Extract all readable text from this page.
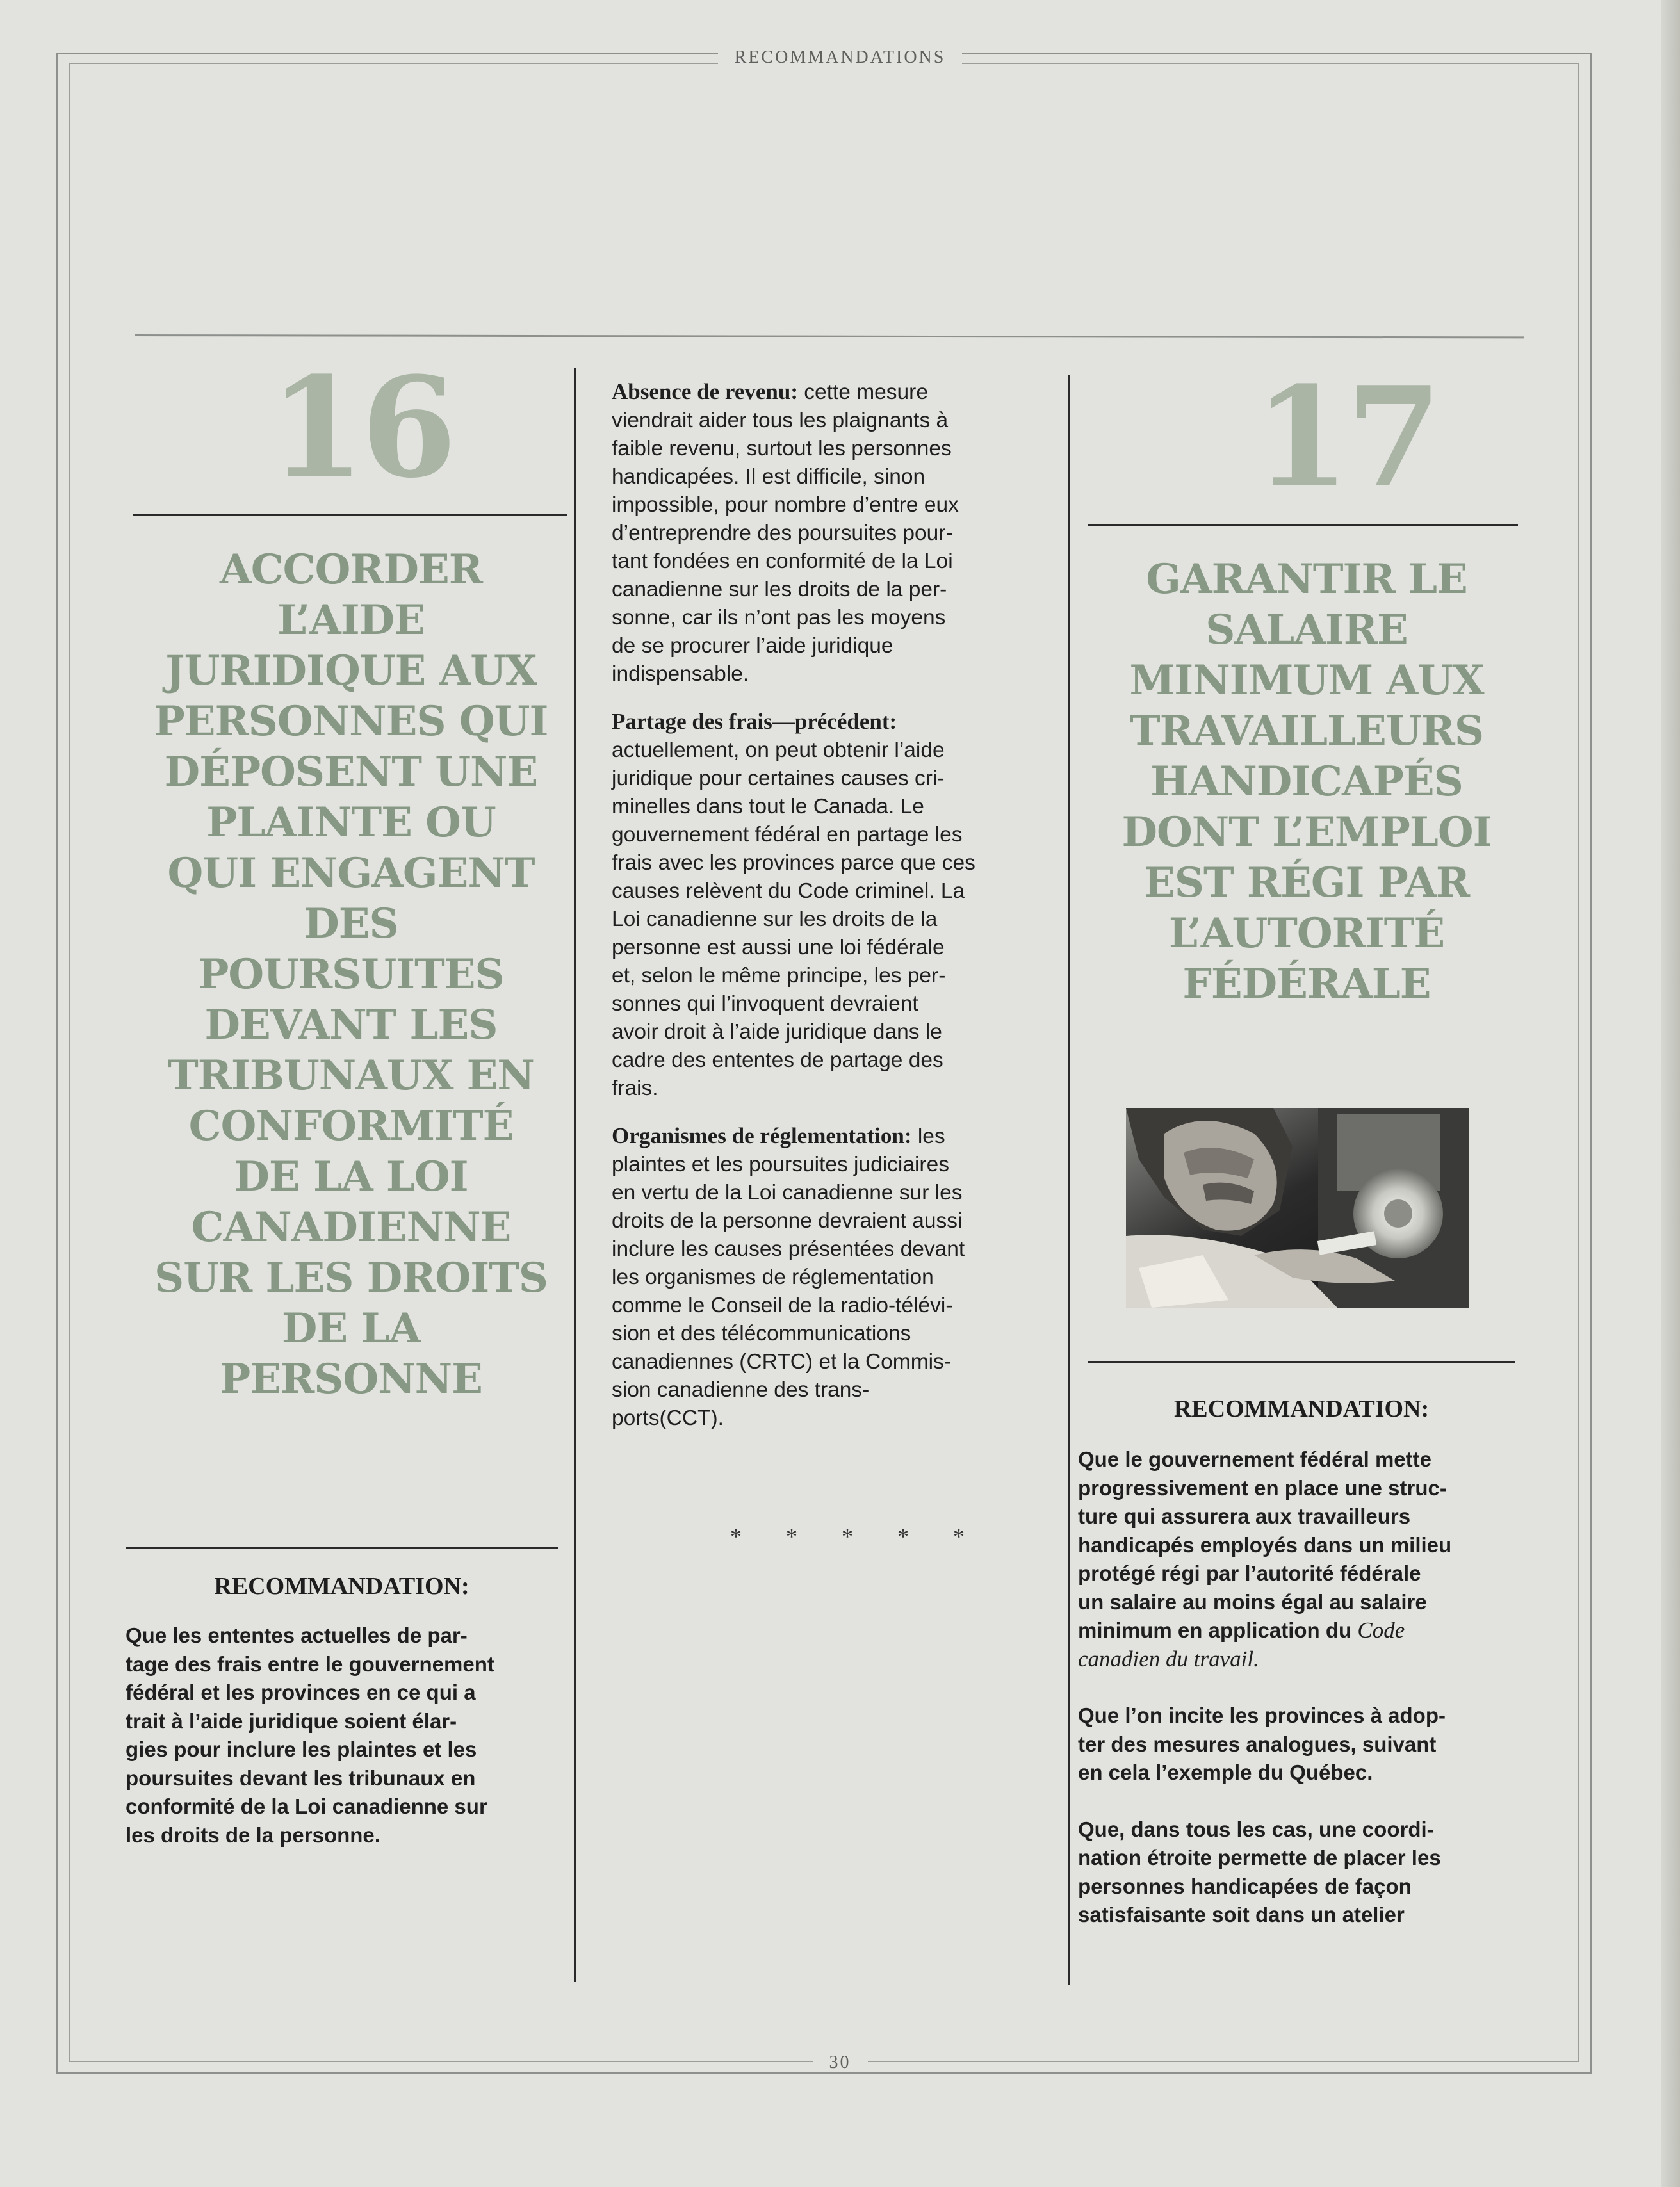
RECOMMANDATIONS
30
16
ACCORDER
L’AIDE
JURIDIQUE AUX
PERSONNES QUI
DÉPOSENT UNE
PLAINTE OU
QUI ENGAGENT
DES
POURSUITES
DEVANT LES
TRIBUNAUX EN
CONFORMITÉ
DE LA LOI
CANADIENNE
SUR LES DROITS
DE LA
PERSONNE
RECOMMANDATION:
Que les ententes actuelles de par-
tage des frais entre le gouvernement
fédéral et les provinces en ce qui a
trait à l’aide juridique soient élar-
gies pour inclure les plaintes et les
poursuites devant les tribunaux en
conformité de la Loi canadienne sur
les droits de la personne.
Absence de revenu: cette mesure
viendrait aider tous les plaignants à
faible revenu, surtout les personnes
handicapées. Il est difficile, sinon
impossible, pour nombre d’entre eux
d’entreprendre des poursuites pour-
tant fondées en conformité de la Loi
canadienne sur les droits de la per-
sonne, car ils n’ont pas les moyens
de se procurer l’aide juridique
indispensable.
Partage des frais—précédent:
actuellement, on peut obtenir l’aide
juridique pour certaines causes cri-
minelles dans tout le Canada. Le
gouvernement fédéral en partage les
frais avec les provinces parce que ces
causes relèvent du Code criminel. La
Loi canadienne sur les droits de la
personne est aussi une loi fédérale
et, selon le même principe, les per-
sonnes qui l’invoquent devraient
avoir droit à l’aide juridique dans le
cadre des ententes de partage des
frais.
Organismes de réglementation: les
plaintes et les poursuites judiciaires
en vertu de la Loi canadienne sur les
droits de la personne devraient aussi
inclure les causes présentées devant
les organismes de réglementation
comme le Conseil de la radio-télévi-
sion et des télécommunications
canadiennes (CRTC) et la Commis-
sion canadienne des trans-
ports(CCT).
* * * * *
17
GARANTIR LE
SALAIRE
MINIMUM AUX
TRAVAILLEURS
HANDICAPÉS
DONT L’EMPLOI
EST RÉGI PAR
L’AUTORITÉ
FÉDÉRALE
RECOMMANDATION:
Que le gouvernement fédéral mette
progressivement en place une struc-
ture qui assurera aux travailleurs
handicapés employés dans un milieu
protégé régi par l’autorité fédérale
un salaire au moins égal au salaire
minimum en application du Code
canadien du travail.
Que l’on incite les provinces à adop-
ter des mesures analogues, suivant
en cela l’exemple du Québec.
Que, dans tous les cas, une coordi-
nation étroite permette de placer les
personnes handicapées de façon
satisfaisante soit dans un atelier
